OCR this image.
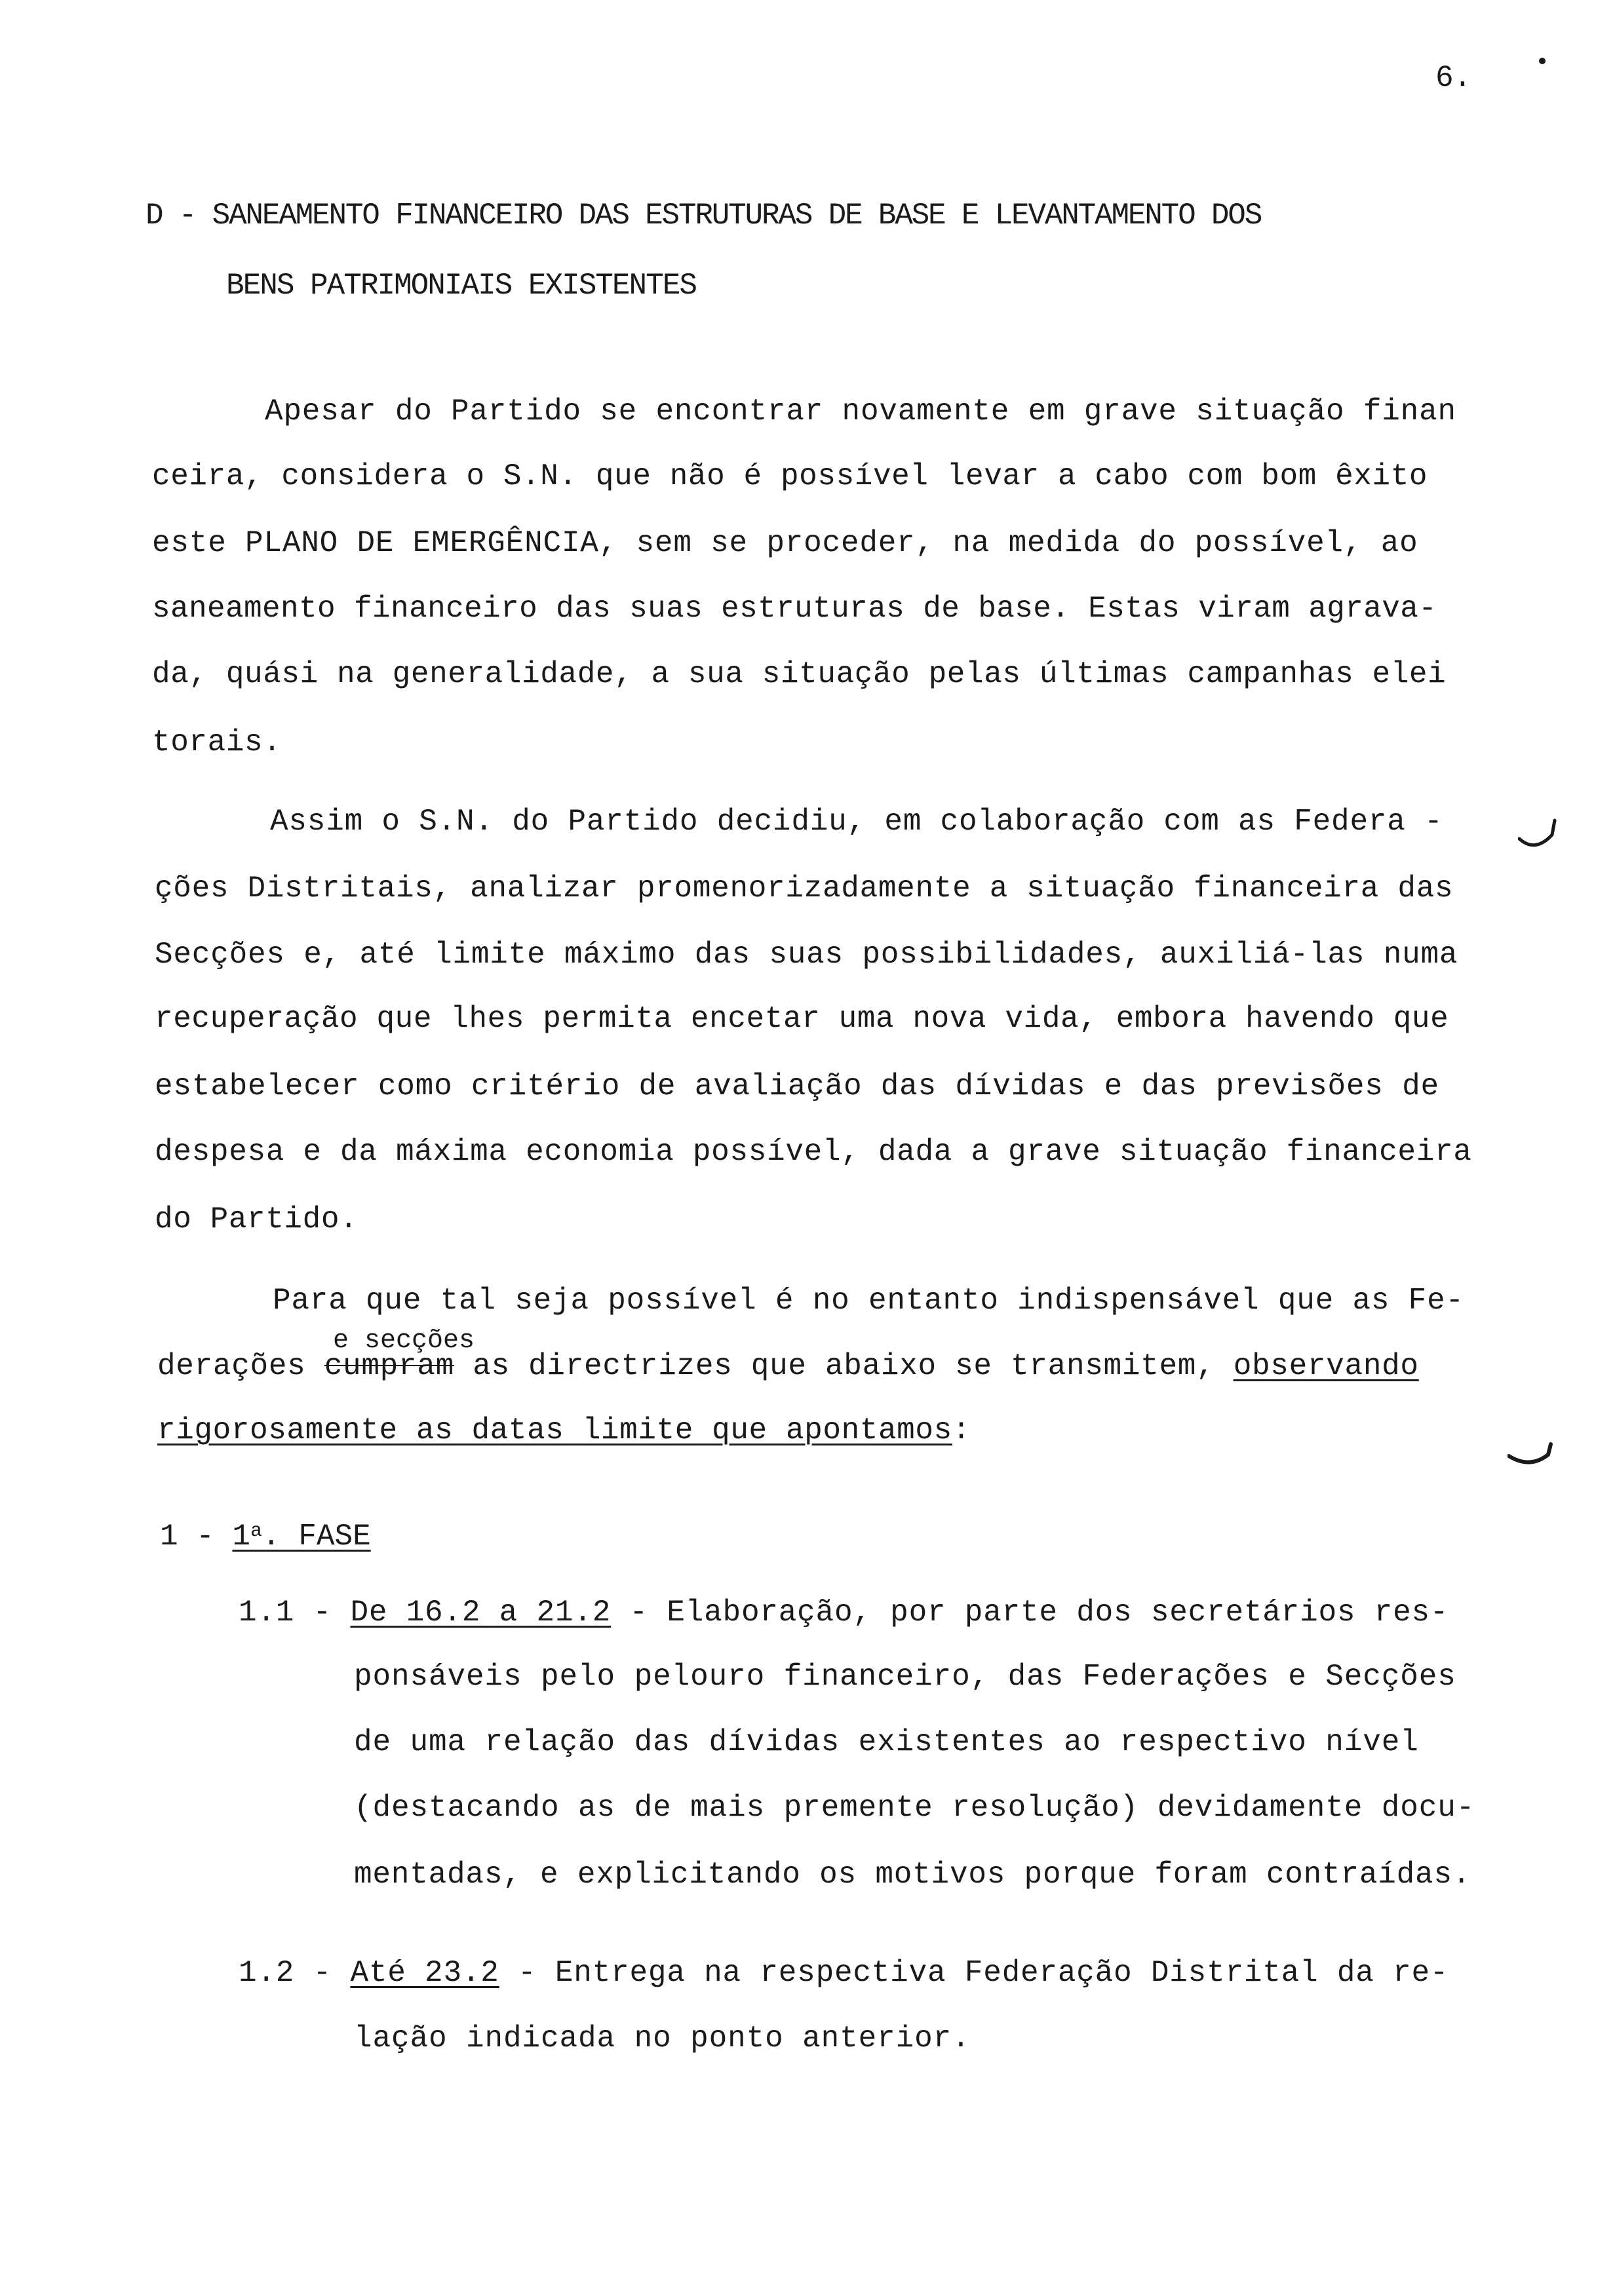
6.
D - SANEAMENTO FINANCEIRO DAS ESTRUTURAS DE BASE E LEVANTAMENTO DOS
BENS PATRIMONIAIS EXISTENTES
Apesar do Partido se encontrar novamente em grave situação finan
ceira, considera o S.N. que não é possível levar a cabo com bom êxito
este PLANO DE EMERGÊNCIA, sem se proceder, na medida do possível, ao
saneamento financeiro das suas estruturas de base. Estas viram agrava-
da, quási na generalidade, a sua situação pelas últimas campanhas elei
torais.
Assim o S.N. do Partido decidiu, em colaboração com as Federa -
ções Distritais, analizar promenorizadamente a situação financeira das
Secções e, até limite máximo das suas possibilidades, auxiliá-las numa
recuperação que lhes permita encetar uma nova vida, embora havendo que
estabelecer como critério de avaliação das dívidas e das previsões de
despesa e da máxima economia possível, dada a grave situação financeira
do Partido.
Para que tal seja possível é no entanto indispensável que as Fe-
e secções
derações cumpram as directrizes que abaixo se transmitem, observando
rigorosamente as datas limite que apontamos:
1 - 1$^a$. FASE
1.1 - De 16.2 a 21.2 - Elaboração, por parte dos secretários res-
ponsáveis pelo pelouro financeiro, das Federações e Secções
de uma relação das dívidas existentes ao respectivo nível
(destacando as de mais premente resolução) devidamente docu-
mentadas, e explicitando os motivos porque foram contraídas.
1.2 - Até 23.2 - Entrega na respectiva Federação Distrital da re-
lação indicada no ponto anterior.
